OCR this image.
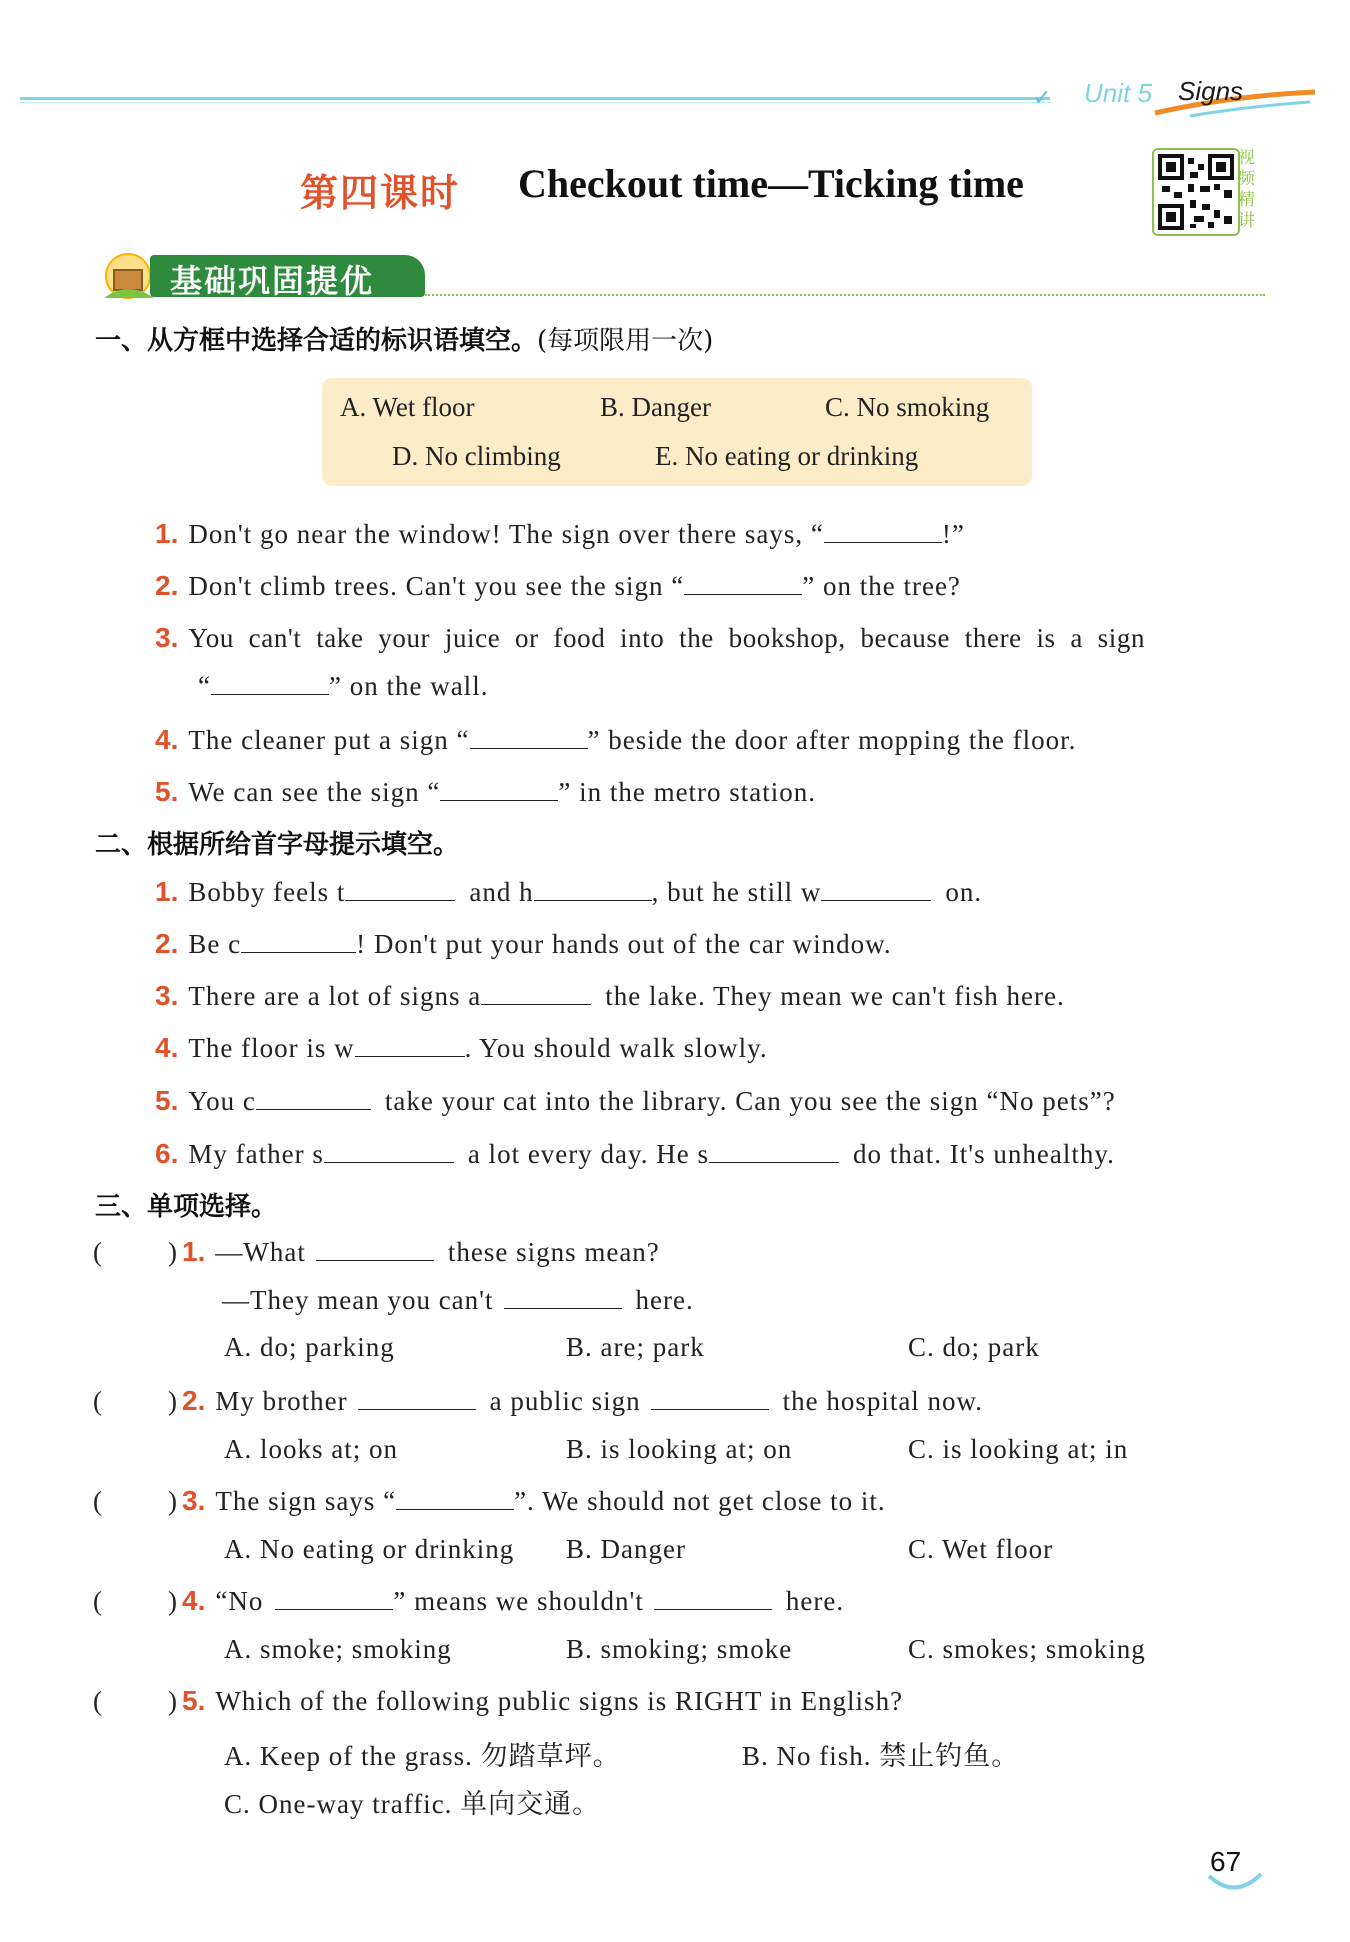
✓ Unit 5 Signs
第四课时 Checkout time—Ticking time
视频精讲
基础巩固提优
一、从方框中选择合适的标识语填空。(每项限用一次)
A. Wet floor	B. Danger	C. No smoking
D. No climbing	E. No eating or drinking
1. Don't go near the window! The sign over there says, “	!”
2. Don't climb trees. Can't you see the sign “	” on the tree?
3. You  can't  take  your  juice  or  food  into  the  bookshop,  because  there  is  a  sign
“	” on the wall.
4. The cleaner put a sign “	” beside the door after mopping the floor.
5. We can see the sign “	” in the metro station.
二、根据所给首字母提示填空。
1. Bobby feels t	and h	, but he still w	on.
2. Be c	! Don't put your hands out of the car window.
3. There are a lot of signs a	the lake. They mean we can't fish here.
4. The floor is w	. You should walk slowly.
5. You c	take your cat into the library. Can you see the sign “No pets”?
6. My father s	a lot every day. He s	do that. It's unhealthy.
三、单项选择。
( ) 1. —What	these signs mean?
—They mean you can't	here.
A. do; parking	B. are; park	C. do; park
( ) 2. My brother	a public sign	the hospital now.
A. looks at; on	B. is looking at; on	C. is looking at; in
( ) 3. The sign says “	”. We should not get close to it.
A. No eating or drinking B. Danger	C. Wet floor
( ) 4. “No	” means we shouldn't	here.
A. smoke; smoking	B. smoking; smoke	C. smokes; smoking
( ) 5. Which of the following public signs is RIGHT in English?
A. Keep of the grass. 勿踏草坪。	B. No fish. 禁止钓鱼。
C. One-way traffic. 单向交通。
67
